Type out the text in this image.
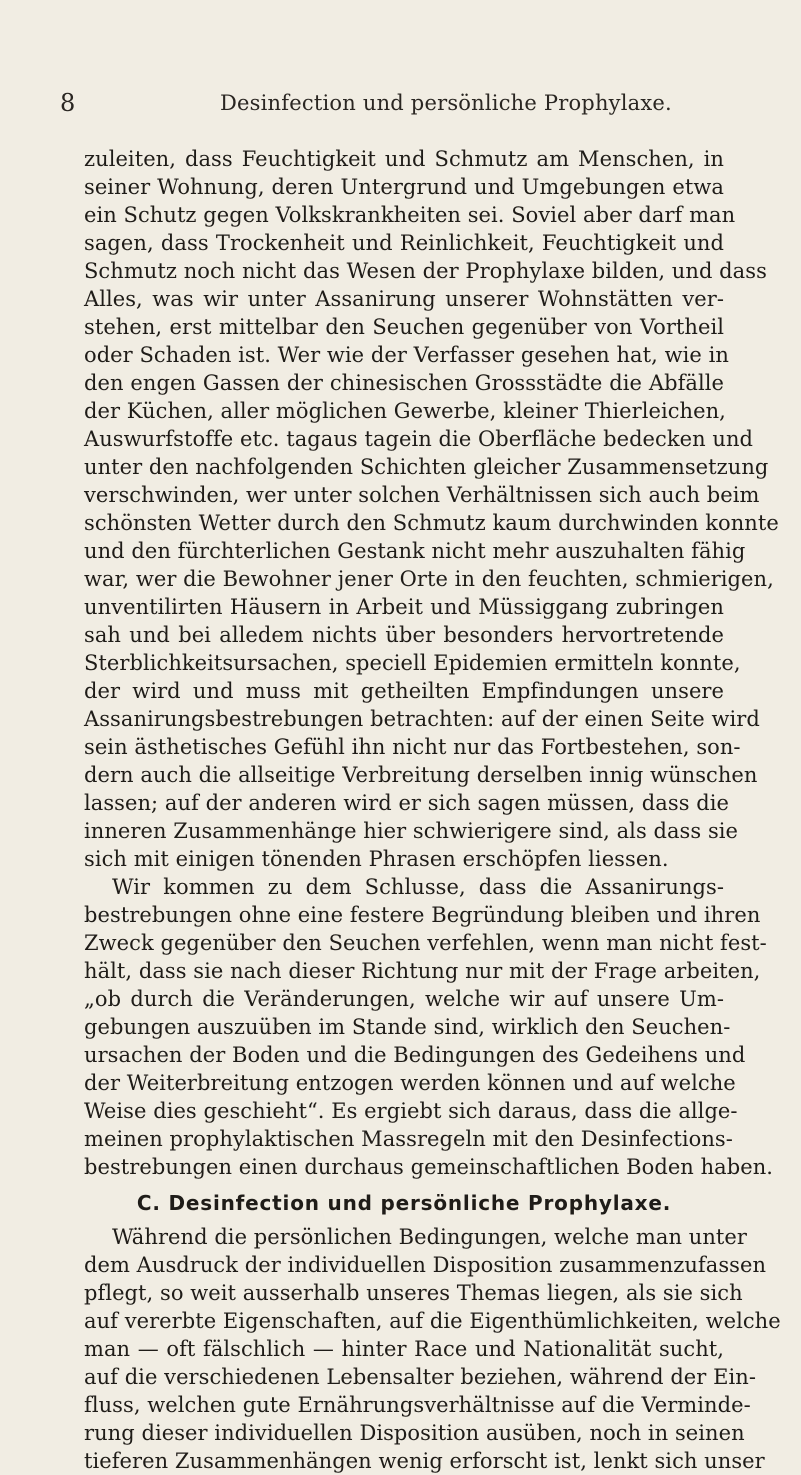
8	Desinfection und persönliche Prophylaxe.
zuleiten, dass Feuchtigkeit und Schmutz am Menschen, in
seiner Wohnung, deren Untergrund und Umgebungen etwa
ein Schutz gegen Volkskrankheiten sei. Soviel aber darf man
sagen, dass Trockenheit und Reinlichkeit, Feuchtigkeit und
Schmutz noch nicht das Wesen der Prophylaxe bilden, und dass
Alles, was wir unter Assanirung unserer Wohnstätten ver-
stehen, erst mittelbar den Seuchen gegenüber von Vortheil
oder Schaden ist. Wer wie der Verfasser gesehen hat, wie in
den engen Gassen der chinesischen Grossstädte die Abfälle
der Küchen, aller möglichen Gewerbe, kleiner Thierleichen,
Auswurfstoffe etc. tagaus tagein die Oberfläche bedecken und
unter den nachfolgenden Schichten gleicher Zusammensetzung
verschwinden, wer unter solchen Verhältnissen sich auch beim
schönsten Wetter durch den Schmutz kaum durchwinden konnte
und den fürchterlichen Gestank nicht mehr auszuhalten fähig
war, wer die Bewohner jener Orte in den feuchten, schmierigen,
unventilirten Häusern in Arbeit und Müssiggang zubringen
sah und bei alledem nichts über besonders hervortretende
Sterblichkeitsursachen, speciell Epidemien ermitteln konnte,
der wird und muss mit getheilten Empfindungen unsere
Assanirungsbestrebungen betrachten: auf der einen Seite wird
sein ästhetisches Gefühl ihn nicht nur das Fortbestehen, son-
dern auch die allseitige Verbreitung derselben innig wünschen
lassen; auf der anderen wird er sich sagen müssen, dass die
inneren Zusammenhänge hier schwierigere sind, als dass sie
sich mit einigen tönenden Phrasen erschöpfen liessen.
Wir kommen zu dem Schlusse, dass die Assanirungs-
bestrebungen ohne eine festere Begründung bleiben und ihren
Zweck gegenüber den Seuchen verfehlen, wenn man nicht fest-
hält, dass sie nach dieser Richtung nur mit der Frage arbeiten,
„ob durch die Veränderungen, welche wir auf unsere Um-
gebungen auszuüben im Stande sind, wirklich den Seuchen-
ursachen der Boden und die Bedingungen des Gedeihens und
der Weiterbreitung entzogen werden können und auf welche
Weise dies geschieht“. Es ergiebt sich daraus, dass die allge-
meinen prophylaktischen Massregeln mit den Desinfections-
bestrebungen einen durchaus gemeinschaftlichen Boden haben.
C. Desinfection und persönliche Prophylaxe.
Während die persönlichen Bedingungen, welche man unter
dem Ausdruck der individuellen Disposition zusammenzufassen
pflegt, so weit ausserhalb unseres Themas liegen, als sie sich
auf vererbte Eigenschaften, auf die Eigenthümlichkeiten, welche
man — oft fälschlich — hinter Race und Nationalität sucht,
auf die verschiedenen Lebensalter beziehen, während der Ein-
fluss, welchen gute Ernährungsverhältnisse auf die Verminde-
rung dieser individuellen Disposition ausüben, noch in seinen
tieferen Zusammenhängen wenig erforscht ist, lenkt sich unser
